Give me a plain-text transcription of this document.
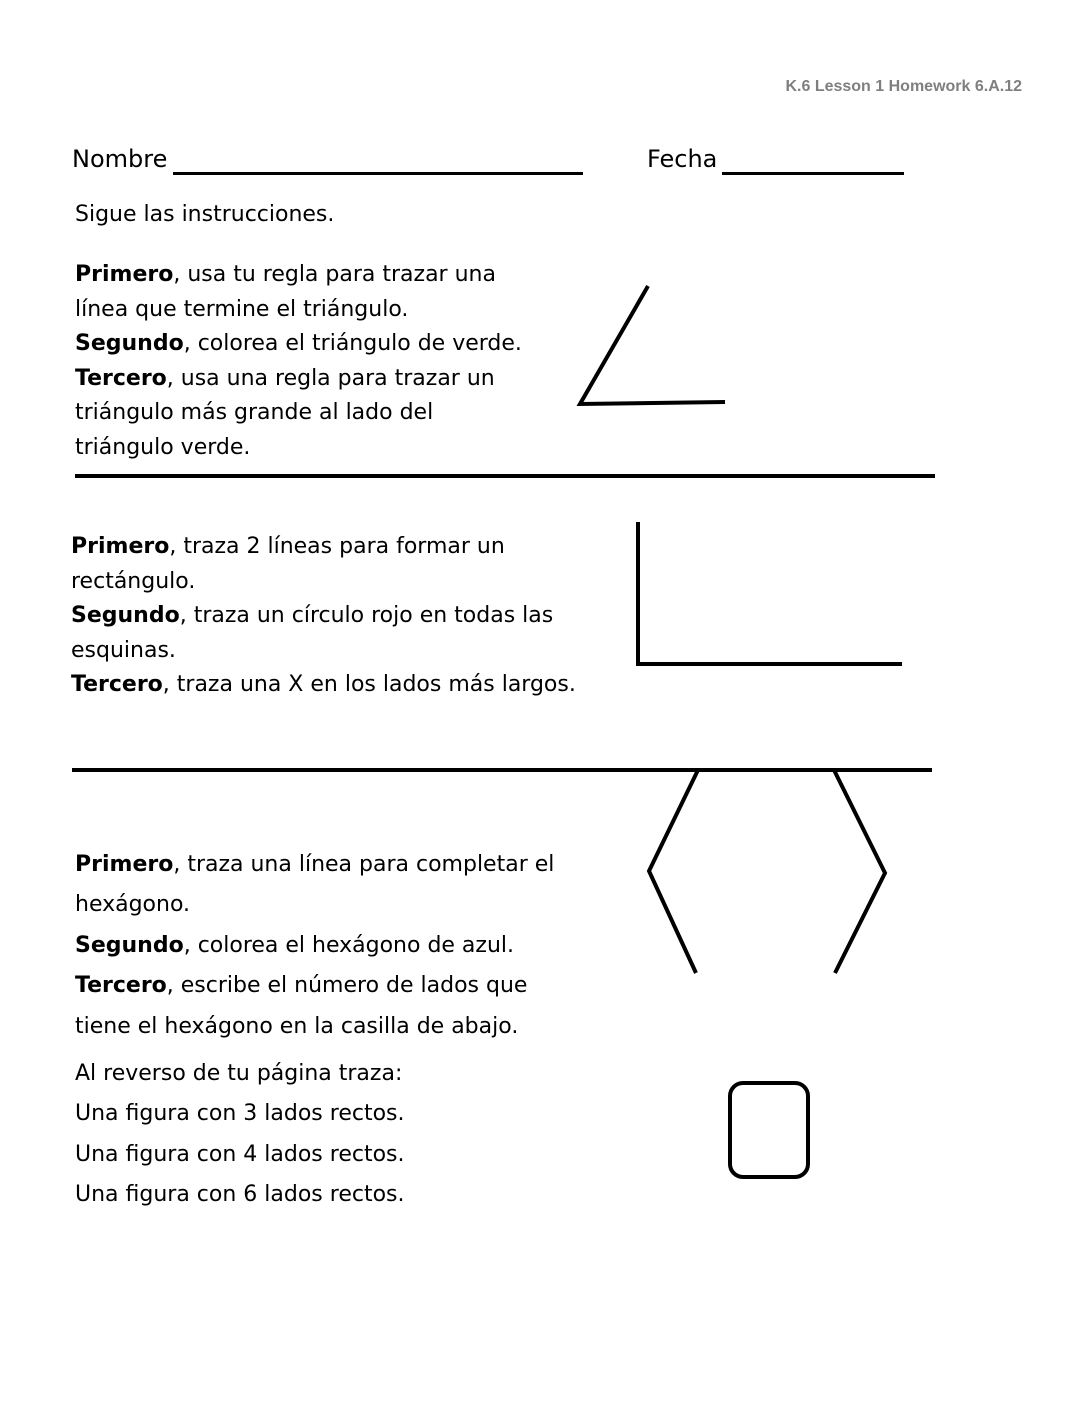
K.6 Lesson 1 Homework 6.A.12
Nombre	Fecha
Sigue las instrucciones.
Primero, usa tu regla para trazar una
línea que termine el triángulo.
Segundo, colorea el triángulo de verde.
Tercero, usa una regla para trazar un
triángulo más grande al lado del
triángulo verde.
Primero, traza 2 líneas para formar un
rectángulo.
Segundo, traza un círculo rojo en todas las
esquinas.
Tercero, traza una X en los lados más largos.
Primero, traza una línea para completar el
hexágono.
Segundo, colorea el hexágono de azul.
Tercero, escribe el número de lados que
tiene el hexágono en la casilla de abajo.
Al reverso de tu página traza:
Una figura con 3 lados rectos.
Una figura con 4 lados rectos.
Una figura con 6 lados rectos.
